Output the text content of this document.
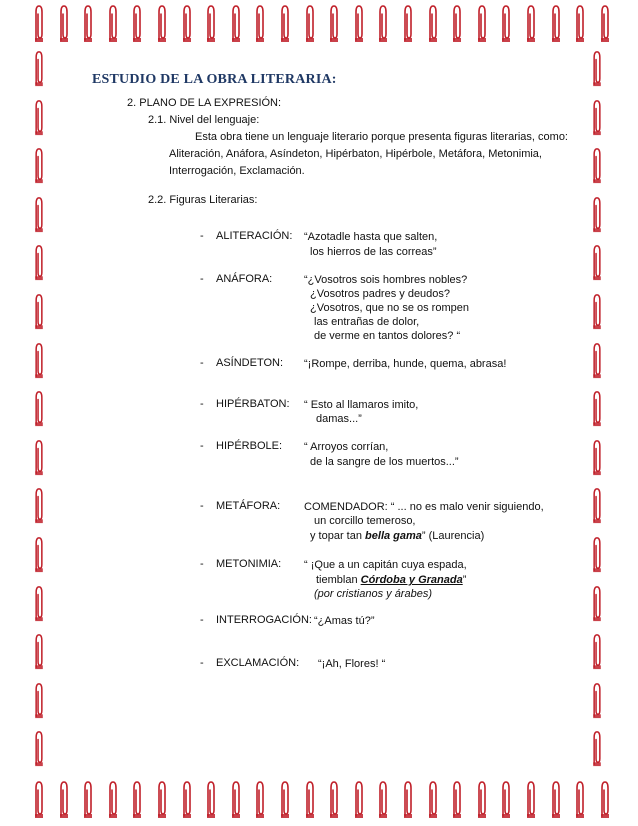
ESTUDIO DE LA OBRA LITERARIA:
2. PLANO DE LA EXPRESIÓN:
2.1. Nivel del lenguaje:
Esta obra tiene un lenguaje literario porque presenta figuras literarias, como:
Aliteración, Anáfora, Asíndeton, Hipérbaton, Hipérbole, Metáfora, Metonimia,
Interrogación, Exclamación.
2.2. Figuras Literarias:
- ALITERACIÓN: “Azotadle hasta que salten,
los hierros de las correas”
- ANÁFORA:	“¿Vosotros sois hombres nobles?
¿Vosotros padres y deudos?
¿Vosotros, que no se os rompen
las entrañas de dolor,
de verme en tantos dolores? “
- ASÍNDETON: “¡Rompe, derriba, hunde, quema, abrasa!
- HIPÉRBATON: “ Esto al llamaros imito,
damas...”
- HIPÉRBOLE: “ Arroyos corrían,
de la sangre de los muertos...”
- METÁFORA: COMENDADOR: “ ... no es malo venir siguiendo,
un corcillo temeroso,
y topar tan bella gama” (Laurencia)
- METONIMIA: “ ¡Que a un capitán cuya espada,
tiemblan Córdoba y Granada”
(por cristianos y árabes)
- INTERROGACIÓN: “¿Amas tú?”
- EXCLAMACIÓN: “¡Ah, Flores! “
